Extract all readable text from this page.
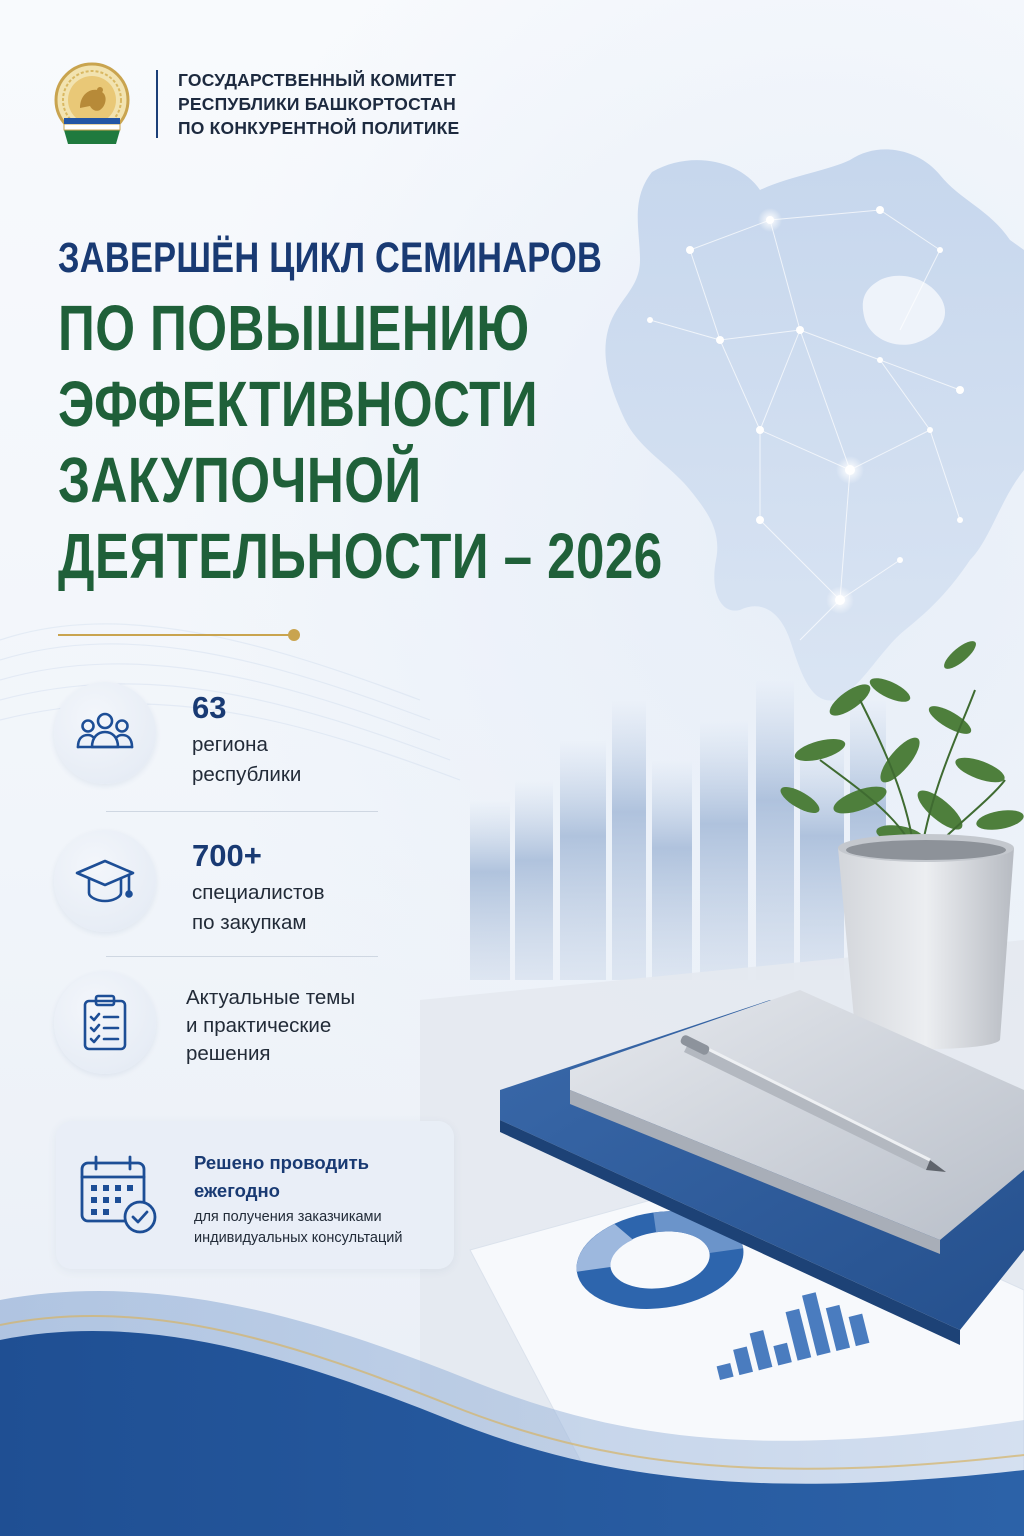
ГОСУДАРСТВЕННЫЙ КОМИТЕТ
РЕСПУБЛИКИ БАШКОРТОСТАН
ПО КОНКУРЕНТНОЙ ПОЛИТИКЕ
ЗАВЕРШЁН ЦИКЛ СЕМИНАРОВ
ПО ПОВЫШЕНИЮ
ЭФФЕКТИВНОСТИ
ЗАКУПОЧНОЙ
ДЕЯТЕЛЬНОСТИ – 2026
63
региона
республики
700+
специалистов
по закупкам
Актуальные темы
и практические
решения
Решено проводить
ежегодно
для получения заказчиками
индивидуальных консультаций
